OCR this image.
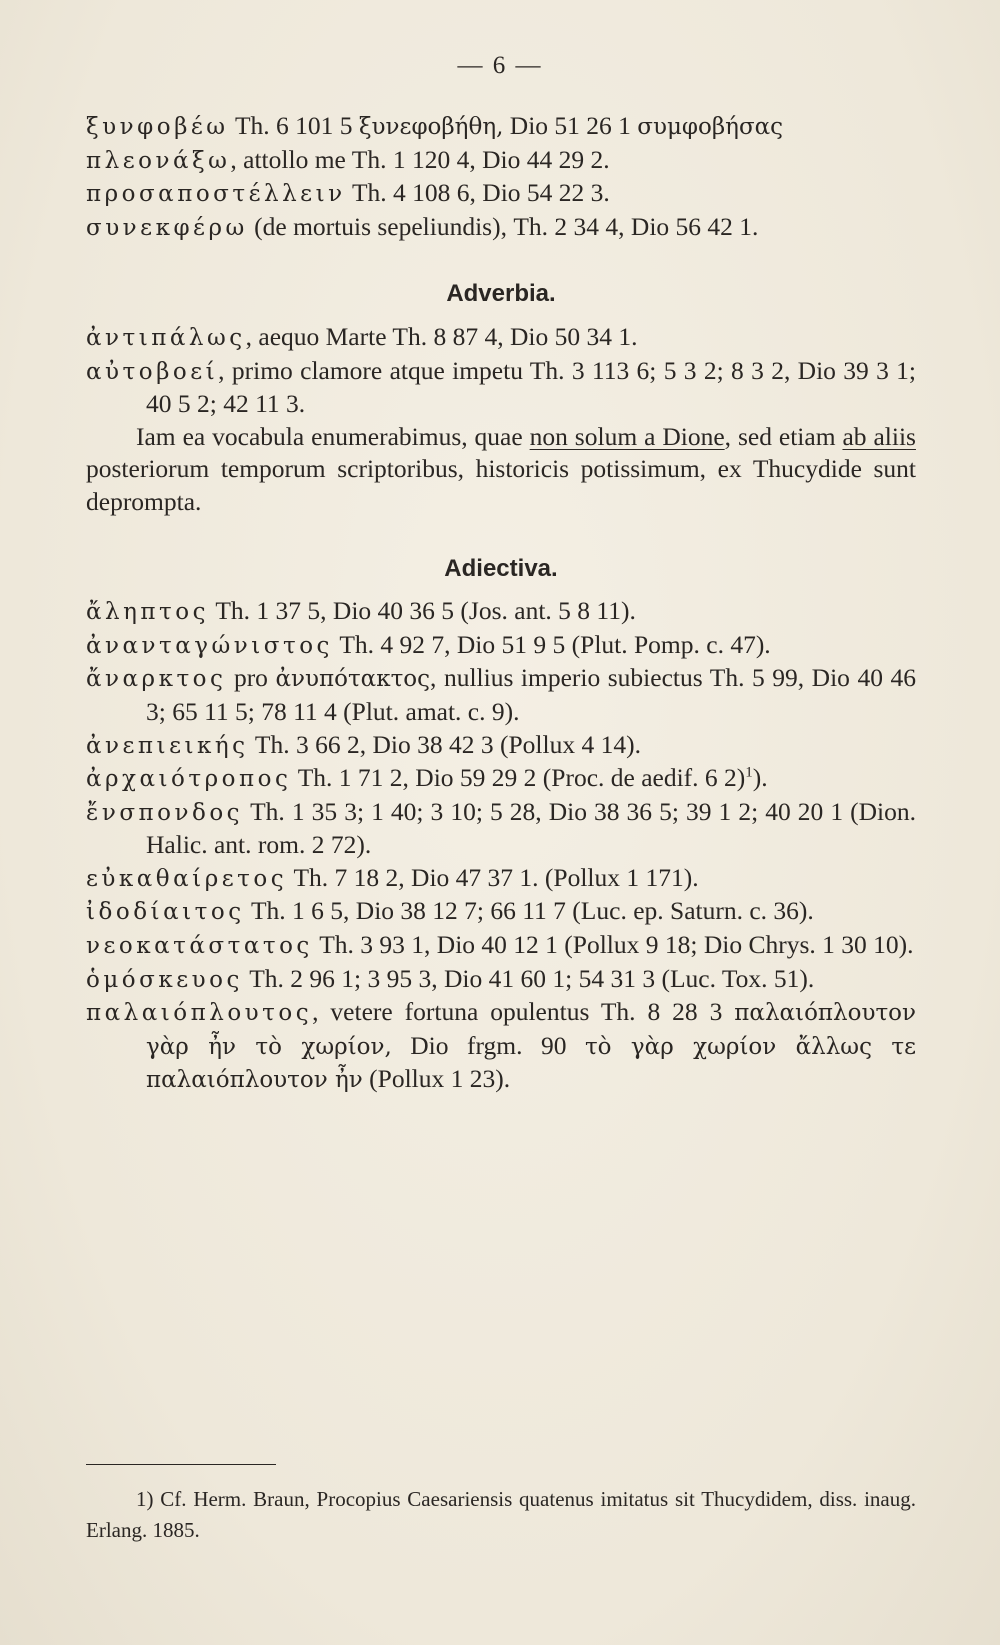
— 6 —

ξυνφοβέω Th. 6 101 5 ξυνεφοβήθη, Dio 51 26 1 συμφοβήσας

πλεονάξω, attollo me Th. 1 120 4, Dio 44 29 2.

προσαποστέλλειν Th. 4 108 6, Dio 54 22 3.

συνεκφέρω (de mortuis sepeliundis), Th. 2 34 4, Dio 56 42 1.

Adverbia.

ἀντιπάλως, aequo Marte Th. 8 87 4, Dio 50 34 1.

αὐτοβοεί, primo clamore atque impetu Th. 3 113 6; 5 3 2; 8 3 2, Dio 39 3 1; 40 5 2; 42 11 3.

Iam ea vocabula enumerabimus, quae non solum a Dione, sed etiam ab aliis posteriorum temporum scriptoribus, historicis potissimum, ex Thucydide sunt deprompta.

Adiectiva.

ἄληπτος Th. 1 37 5, Dio 40 36 5 (Jos. ant. 5 8 11).

ἀνανταγώνιστος Th. 4 92 7, Dio 51 9 5 (Plut. Pomp. c. 47).

ἄναρκτος pro ἀνυπότακτος, nullius imperio subiectus Th. 5 99, Dio 40 46 3; 65 11 5; 78 11 4 (Plut. amat. c. 9).

ἀνεπιεικής Th. 3 66 2, Dio 38 42 3 (Pollux 4 14).

ἀρχαιότροπος Th. 1 71 2, Dio 59 29 2 (Proc. de aedif. 6 2)$^1$).

ἔνσπονδος Th. 1 35 3; 1 40; 3 10; 5 28, Dio 38 36 5; 39 1 2; 40 20 1 (Dion. Halic. ant. rom. 2 72).

εὐκαθαίρετος Th. 7 18 2, Dio 47 37 1. (Pollux 1 171).

ἰδοδίαιτος Th. 1 6 5, Dio 38 12 7; 66 11 7 (Luc. ep. Saturn. c. 36).

νεοκατάστατος Th. 3 93 1, Dio 40 12 1 (Pollux 9 18; Dio Chrys. 1 30 10).

ὁμόσκευος Th. 2 96 1; 3 95 3, Dio 41 60 1; 54 31 3 (Luc. Tox. 51).

παλαιόπλουτος, vetere fortuna opulentus Th. 8 28 3 παλαιόπλουτον γὰρ ἦν τὸ χωρίον, Dio frgm. 90 τὸ γὰρ χωρίον ἄλλως τε παλαιόπλουτον ἦν (Pollux 1 23).

1) Cf. Herm. Braun, Procopius Caesariensis quatenus imitatus sit Thucydidem, diss. inaug. Erlang. 1885.
